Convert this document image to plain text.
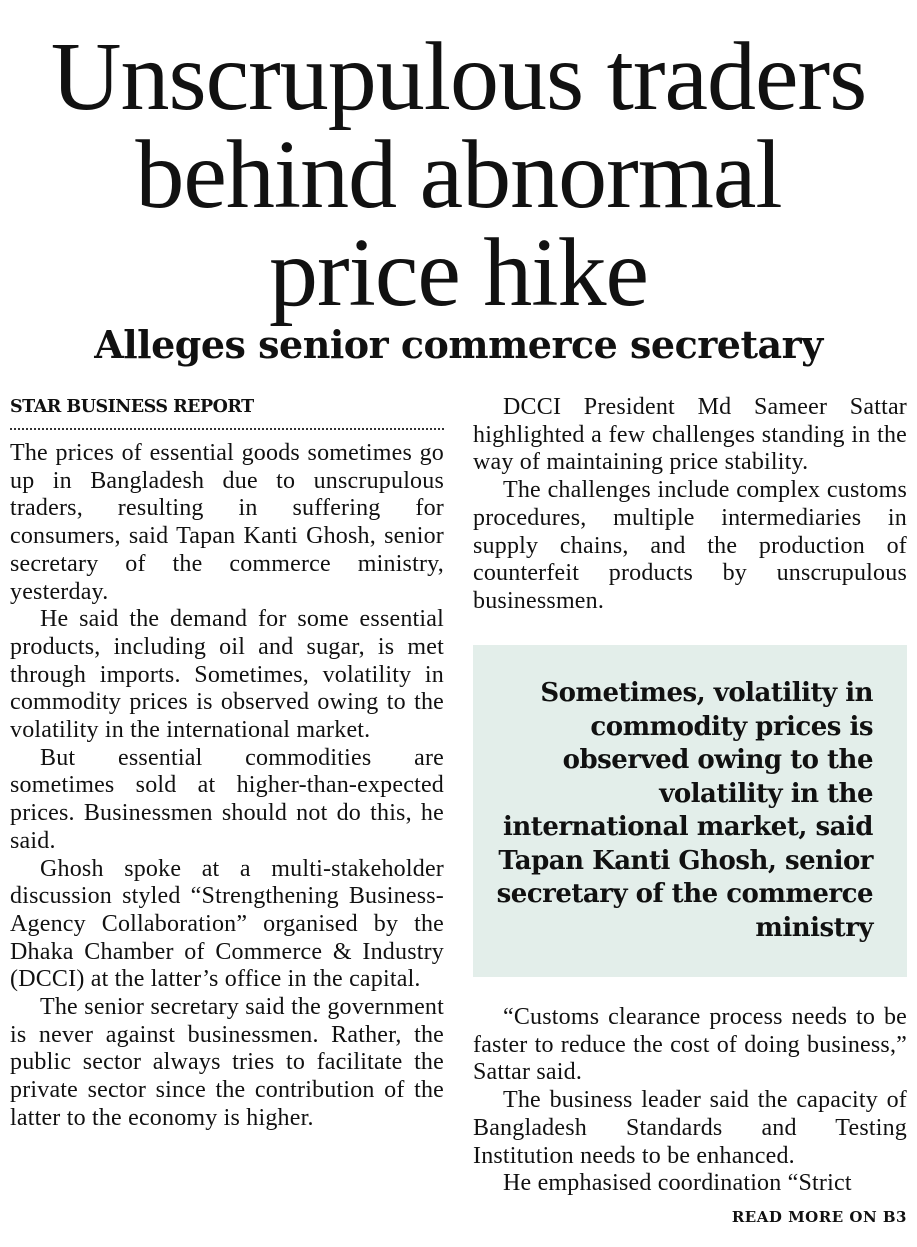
Unscrupulous traders
behind abnormal
price hike
Alleges senior commerce secretary
STAR BUSINESS REPORT

The prices of essential goods sometimes go up in Bangladesh due to unscrupulous traders, resulting in suffering for consumers, said Tapan Kanti Ghosh, senior secretary of the commerce ministry, yesterday.

He said the demand for some essential products, including oil and sugar, is met through imports. Sometimes, volatility in commodity prices is observed owing to the volatility in the international market.

But essential commodities are sometimes sold at higher-than-expected prices. Businessmen should not do this, he said.

Ghosh spoke at a multi-stakeholder discussion styled “Strengthening Business-Agency Collaboration” organised by the Dhaka Chamber of Commerce & Industry (DCCI) at the latter’s office in the capital.

The senior secretary said the government is never against businessmen. Rather, the public sector always tries to facilitate the private sector since the contribution of the latter to the economy is higher.

DCCI President Md Sameer Sattar highlighted a few challenges standing in the way of maintaining price stability.

The challenges include complex customs procedures, multiple intermediaries in supply chains, and the production of counterfeit products by unscrupulous businessmen.

Sometimes, volatility in commodity prices is observed owing to the volatility in the international market, said Tapan Kanti Ghosh, senior secretary of the commerce ministry

“Customs clearance process needs to be faster to reduce the cost of doing business,” Sattar said.

The business leader said the capacity of Bangladesh Standards and Testing Institution needs to be enhanced.

He emphasised coordination “Strict

READ MORE ON B3
